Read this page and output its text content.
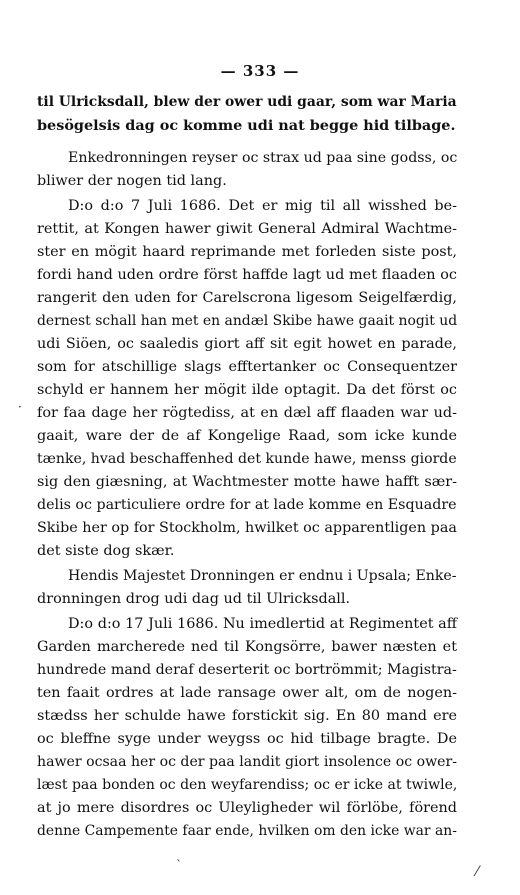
— 333 —
til Ulricksdall, blew der ower udi gaar, som war Maria
besögelsis dag oc komme udi nat begge hid tilbage.
Enkedronningen reyser oc strax ud paa sine godss, oc
bliwer der nogen tid lang.
D:o d:o 7 Juli 1686. Det er mig til all wisshed be-
rettit, at Kongen hawer giwit General Admiral Wachtme-
ster en mögit haard reprimande met forleden siste post,
fordi hand uden ordre först haffde lagt ud met flaaden oc
rangerit den uden for Carelscrona ligesom Seigelfærdig,
dernest schall han met en andæl Skibe hawe gaait nogit ud
udi Siöen, oc saaledis giort aff sit egit howet en parade,
som for atschillige slags efftertanker oc Consequentzer
schyld er hannem her mögit ilde optagit. Da det först oc
for faa dage her rögtediss, at en dæl aff flaaden war ud-
gaait, ware der de af Kongelige Raad, som icke kunde
tænke, hvad beschaffenhed det kunde hawe, menss giorde
sig den giæsning, at Wachtmester motte hawe hafft sær-
delis oc particuliere ordre for at lade komme en Esquadre
Skibe her op for Stockholm, hwilket oc apparentligen paa
det siste dog skær.
Hendis Majestet Dronningen er endnu i Upsala; Enke-
dronningen drog udi dag ud til Ulricksdall.
D:o d:o 17 Juli 1686. Nu imedlertid at Regimentet aff
Garden marcherede ned til Kongsörre, bawer næsten et
hundrede mand deraf deserterit oc bortrömmit; Magistra-
ten faait ordres at lade ransage ower alt, om de nogen-
stædss her schulde hawe forstickit sig. En 80 mand ere
oc bleffne syge under weygss oc hid tilbage bragte. De
hawer ocsaa her oc der paa landit giort insolence oc ower-
læst paa bonden oc den weyfarendiss; oc er icke at twiwle,
at jo mere disordres oc Uleyligheder wil förlöbe, förend
denne Campemente faar ende, hvilken om den icke war an-
·
ˋ	⁄
